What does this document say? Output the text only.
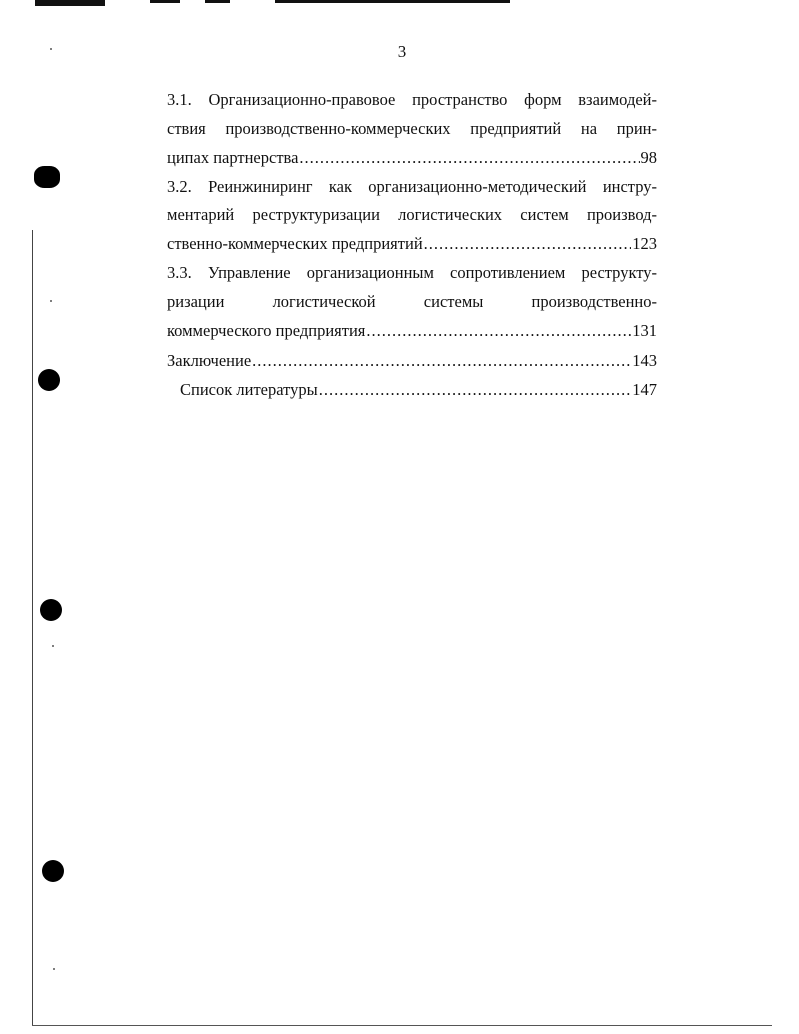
3
3.1. Организационно-правовое пространство форм взаимодей-
ствия производственно-коммерческих предприятий на прин-
ципах партнерства .....	98
3.2. Реинжиниринг как организационно-методический инстру-
ментарий реструктуризации логистических систем производ-
ственно-коммерческих предприятий .....	123
3.3. Управление организационным сопротивлением реструкту-
ризации логистической системы производственно-
коммерческого предприятия .....	131
Заключение .....	143
Список литературы .....	147
